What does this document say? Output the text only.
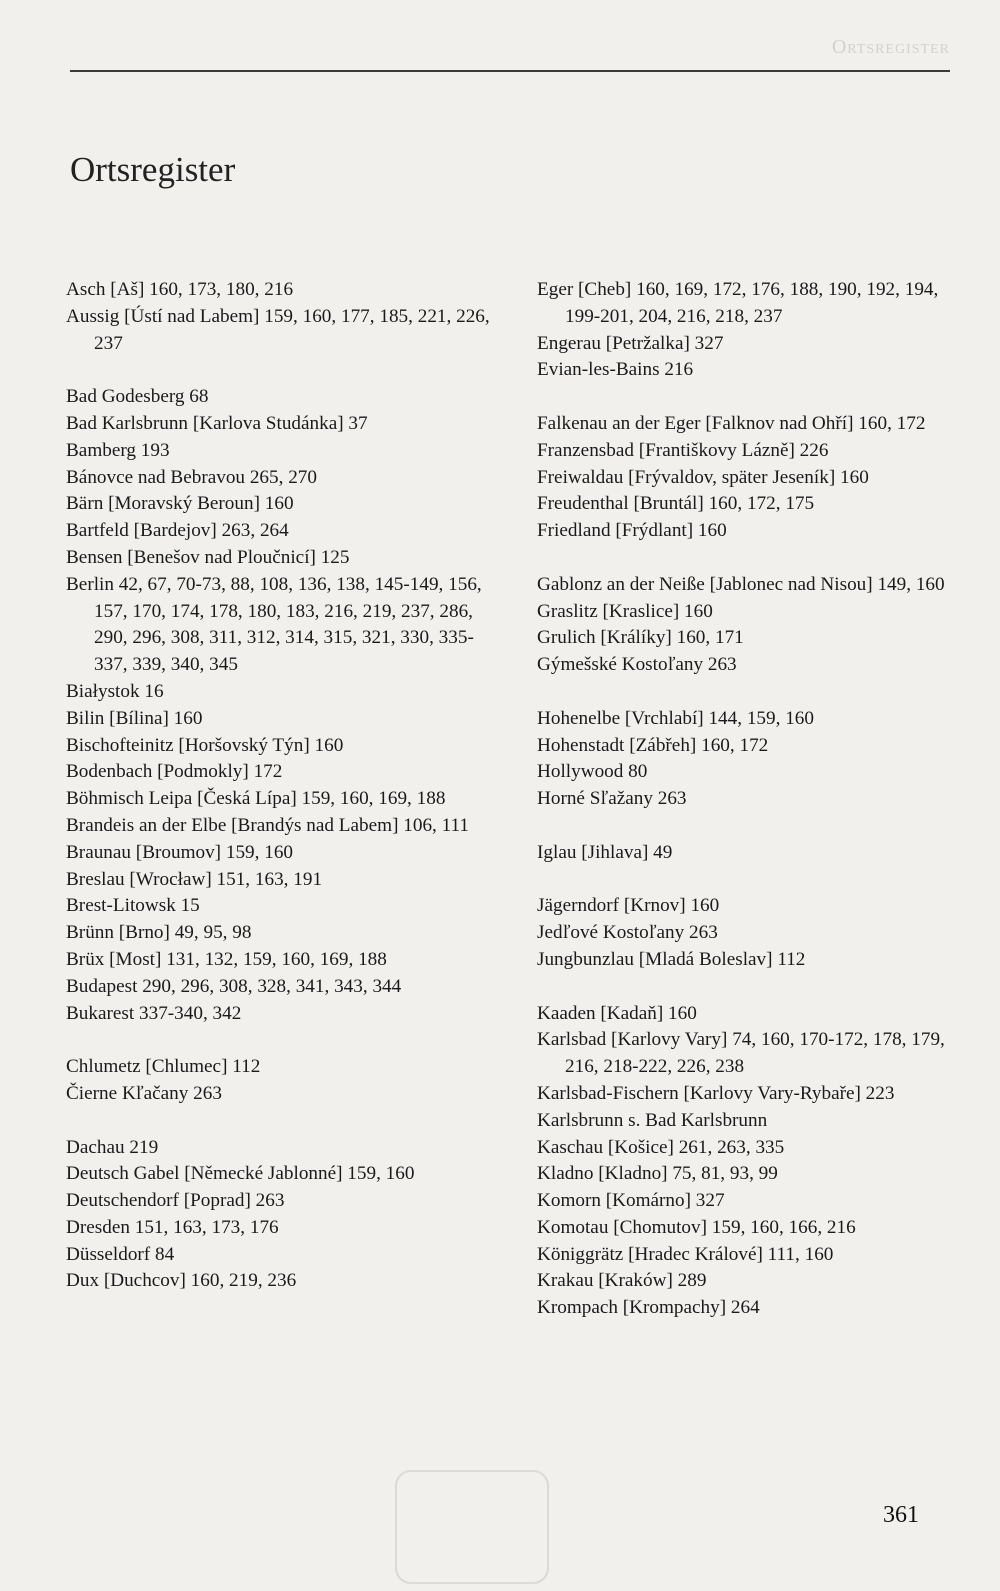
Ortsregister
Ortsregister

Asch [Aš] 160, 173, 180, 216

Aussig [Ústí nad Labem] 159, 160, 177, 185, 221, 226, 237

Bad Godesberg 68

Bad Karlsbrunn [Karlova Studánka] 37

Bamberg 193

Bánovce nad Bebravou 265, 270

Bärn [Moravský Beroun] 160

Bartfeld [Bardejov] 263, 264

Bensen [Benešov nad Ploučnicí] 125

Berlin 42, 67, 70-73, 88, 108, 136, 138, 145-149, 156, 157, 170, 174, 178, 180, 183, 216, 219, 237, 286, 290, 296, 308, 311, 312, 314, 315, 321, 330, 335-337, 339, 340, 345

Białystok 16

Bilin [Bílina] 160

Bischofteinitz [Horšovský Týn] 160

Bodenbach [Podmokly] 172

Böhmisch Leipa [Česká Lípa] 159, 160, 169, 188

Brandeis an der Elbe [Brandýs nad Labem] 106, 111

Braunau [Broumov] 159, 160

Breslau [Wrocław] 151, 163, 191

Brest-Litowsk 15

Brünn [Brno] 49, 95, 98

Brüx [Most] 131, 132, 159, 160, 169, 188

Budapest 290, 296, 308, 328, 341, 343, 344

Bukarest 337-340, 342

Chlumetz [Chlumec] 112

Čierne Kľačany 263

Dachau 219

Deutsch Gabel [Německé Jablonné] 159, 160

Deutschendorf [Poprad] 263

Dresden 151, 163, 173, 176

Düsseldorf 84

Dux [Duchcov] 160, 219, 236

Eger [Cheb] 160, 169, 172, 176, 188, 190, 192, 194, 199-201, 204, 216, 218, 237

Engerau [Petržalka] 327

Evian-les-Bains 216

Falkenau an der Eger [Falknov nad Ohří] 160, 172

Franzensbad [Františkovy Lázně] 226

Freiwaldau [Frývaldov, später Jeseník] 160

Freudenthal [Bruntál] 160, 172, 175

Friedland [Frýdlant] 160

Gablonz an der Neiße [Jablonec nad Nisou] 149, 160

Graslitz [Kraslice] 160

Grulich [Králíky] 160, 171

Gýmešské Kostoľany 263

Hohenelbe [Vrchlabí] 144, 159, 160

Hohenstadt [Zábřeh] 160, 172

Hollywood 80

Horné Sľažany 263

Iglau [Jihlava] 49

Jägerndorf [Krnov] 160

Jedľové Kostoľany 263

Jungbunzlau [Mladá Boleslav] 112

Kaaden [Kadaň] 160

Karlsbad [Karlovy Vary] 74, 160, 170-172, 178, 179, 216, 218-222, 226, 238

Karlsbad-Fischern [Karlovy Vary-Rybaře] 223

Karlsbrunn s. Bad Karlsbrunn

Kaschau [Košice] 261, 263, 335

Kladno [Kladno] 75, 81, 93, 99

Komorn [Komárno] 327

Komotau [Chomutov] 159, 160, 166, 216

Königgrätz [Hradec Králové] 111, 160

Krakau [Kraków] 289

Krompach [Krompachy] 264

361
